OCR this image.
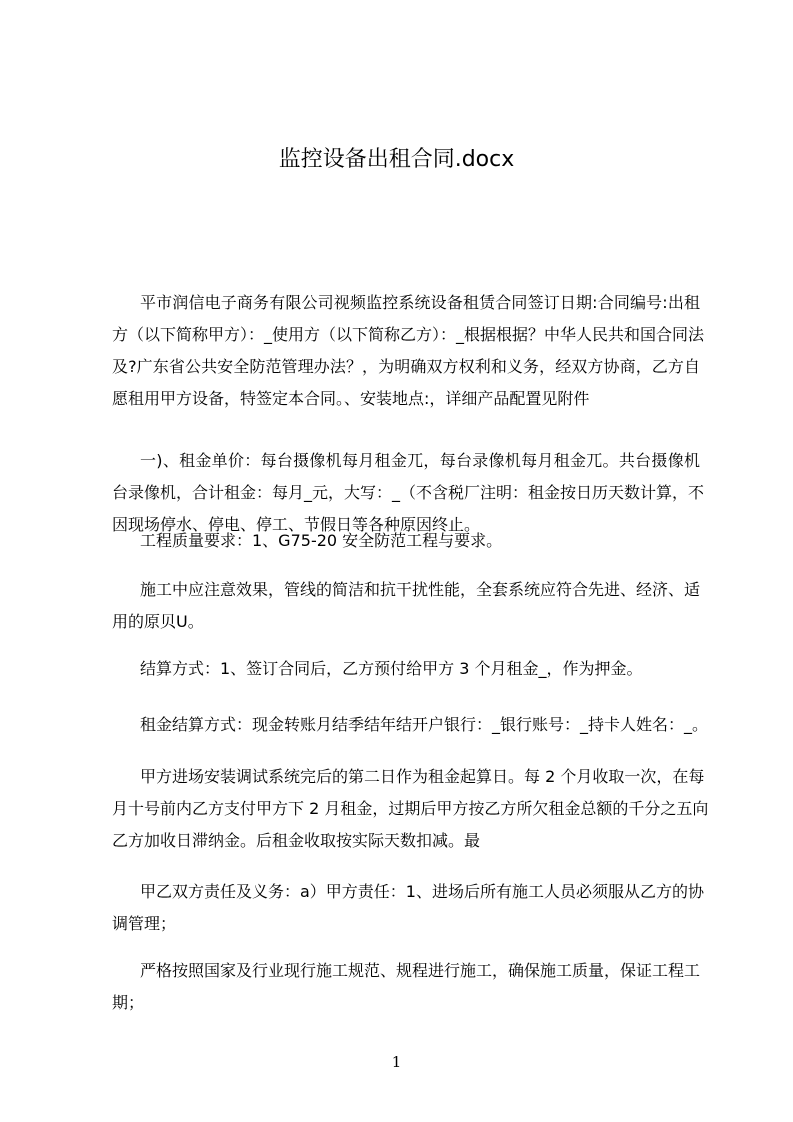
监控设备出租合同.docx
平市润信电子商务有限公司视频监控系统设备租赁合同签订日期:合同编号:出租
方（以下简称甲方）：_使用方（以下简称乙方）：_根据根据？中华人民共和国合同法
及?广东省公共安全防范管理办法？，为明确双方权利和义务，经双方协商，乙方自
愿租用甲方设备，特签定本合同。、安装地点:，详细产品配置见附件
一)、租金单价：每台摄像机每月租金兀，每台录像机每月租金兀。共台摄像机
台录像机，合计租金：每月_元，大写：_（不含税厂注明：租金按日历天数计算，不
因现场停水、停电、停工、节假日等各种原因终止。
工程质量要求：1、G75-20 安全防范工程与要求。
施工中应注意效果，管线的简洁和抗干扰性能，全套系统应符合先进、经济、适
用的原贝U。
结算方式：1、签订合同后，乙方预付给甲方 3 个月租金_，作为押金。
租金结算方式：现金转账月结季结年结开户银行：_银行账号：_持卡人姓名：_。
甲方进场安装调试系统完后的第二日作为租金起算日。每 2 个月收取一次，在每
月十号前内乙方支付甲方下 2 月租金，过期后甲方按乙方所欠租金总额的千分之五向
乙方加收日滞纳金。后租金收取按实际天数扣减。最
甲乙双方责任及义务：a）甲方责任：1、进场后所有施工人员必须服从乙方的协
调管理；
严格按照国家及行业现行施工规范、规程进行施工，确保施工质量，保证工程工
期；
1
